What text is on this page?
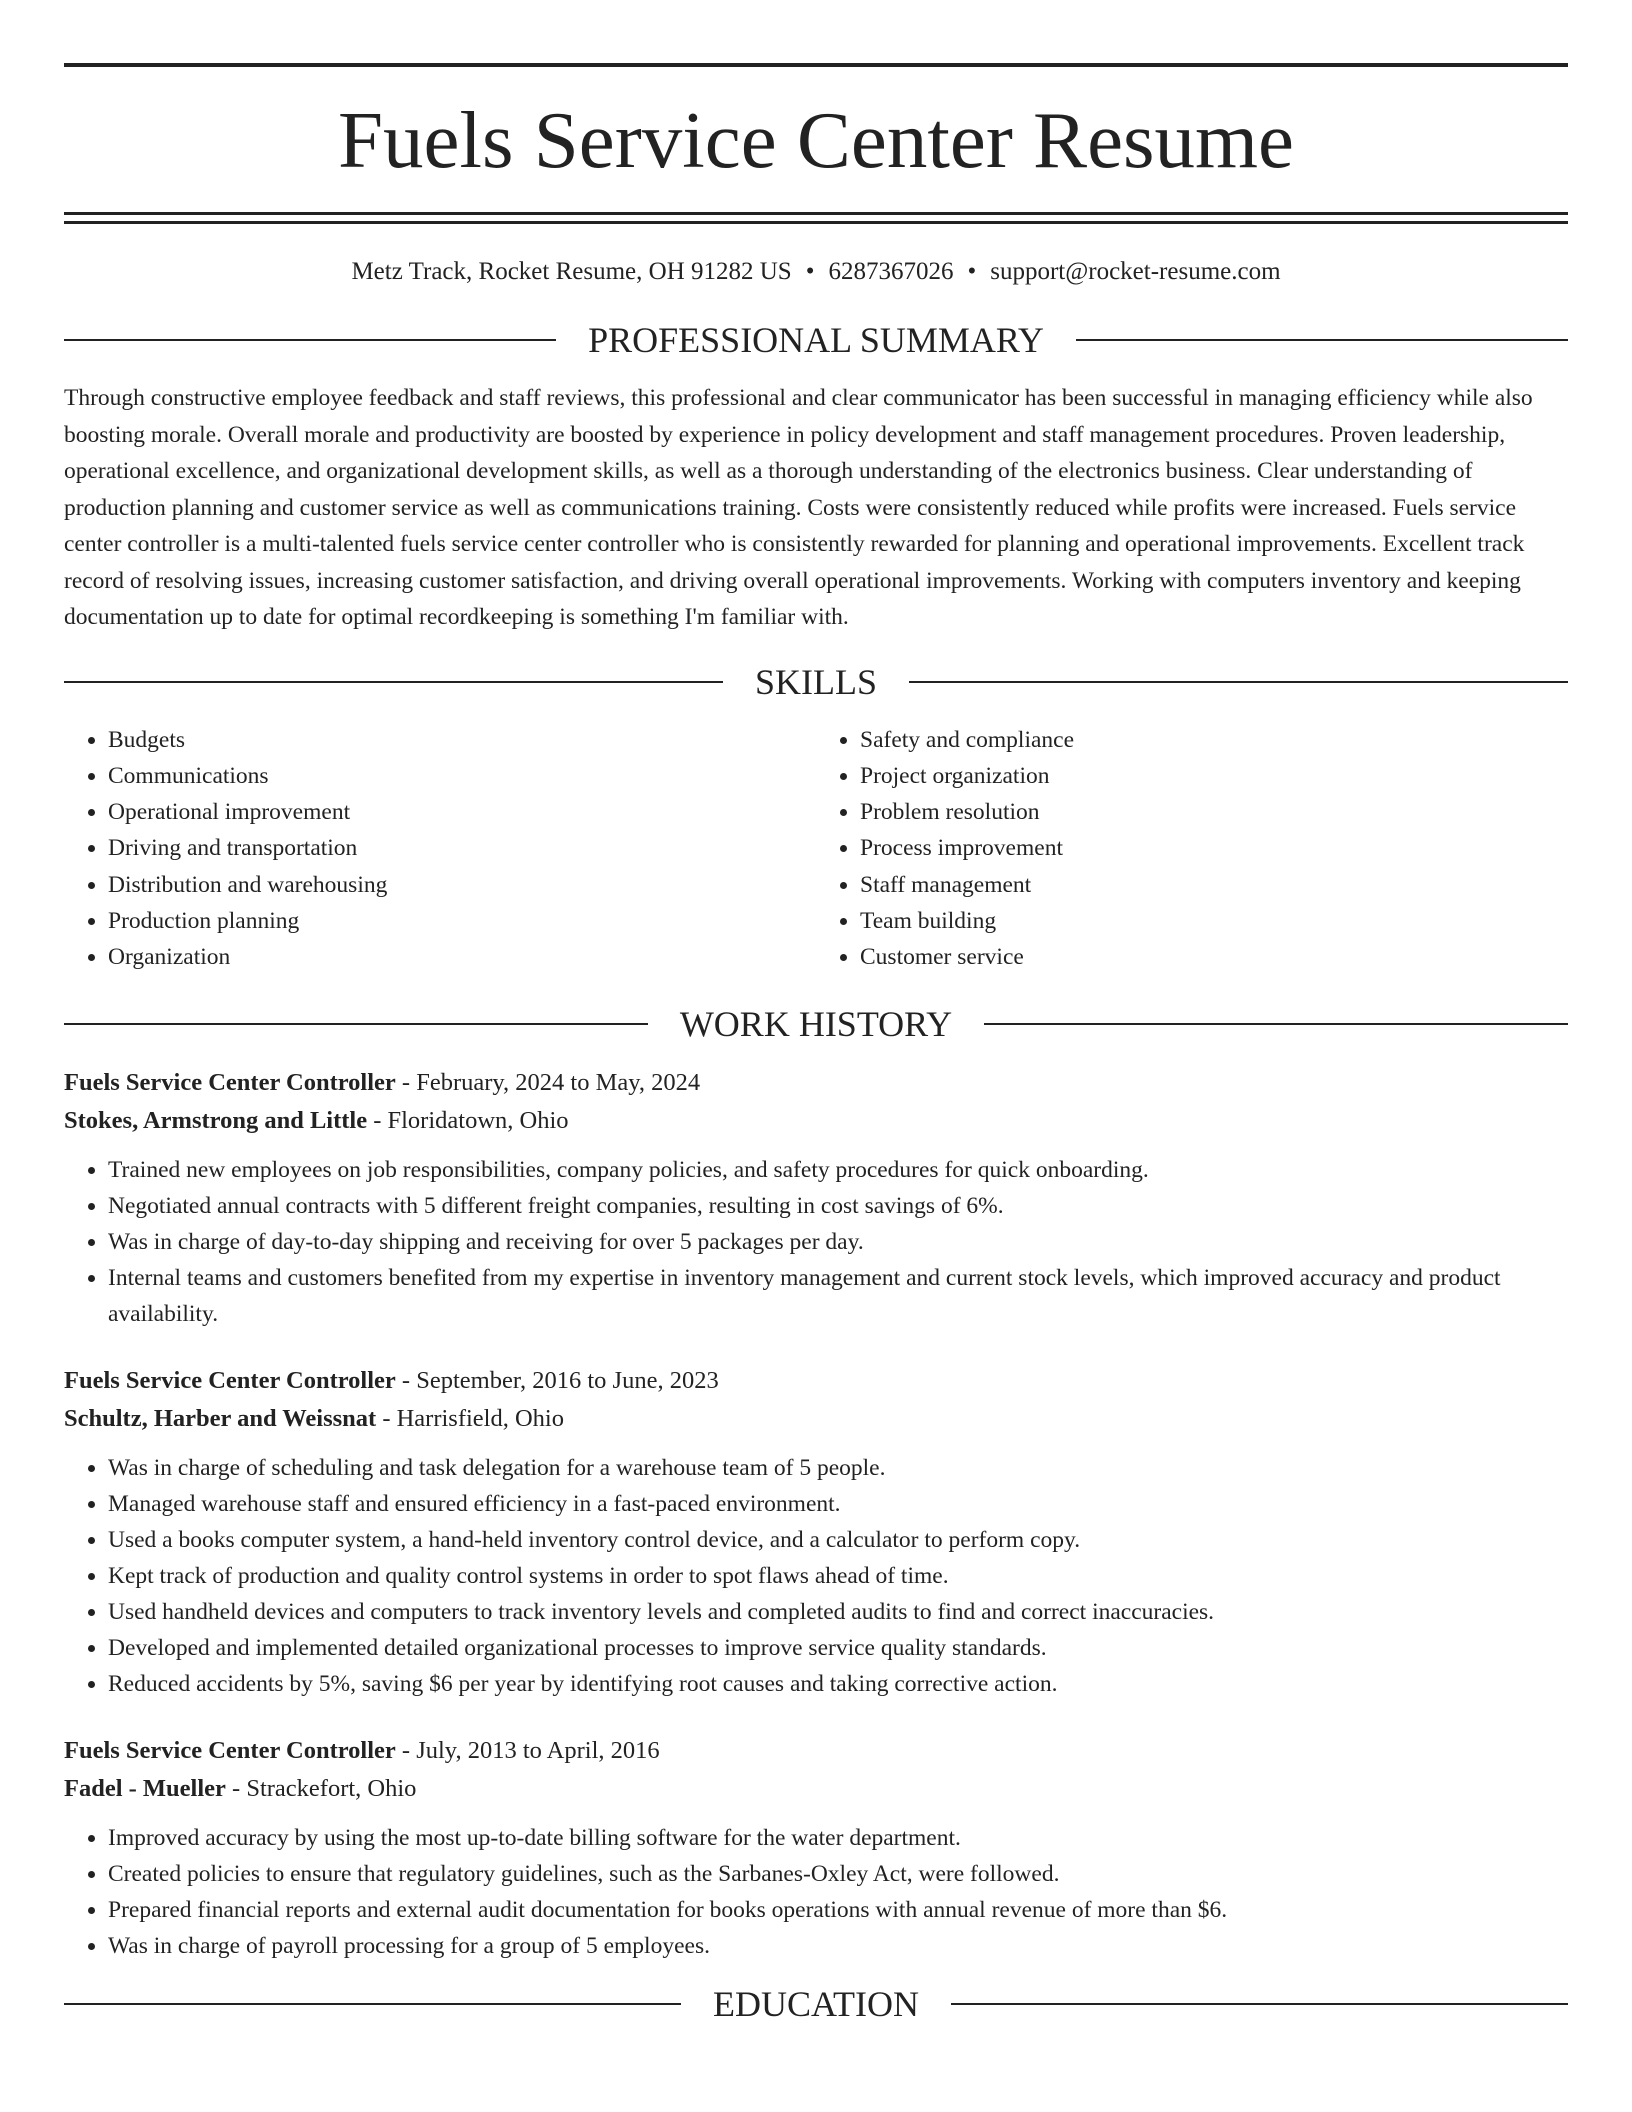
Fuels Service Center Resume
Metz Track, Rocket Resume, OH 91282 US • 6287367026 • support@rocket-resume.com
PROFESSIONAL SUMMARY

Through constructive employee feedback and staff reviews, this professional and clear communicator has been successful in managing efficiency while also boosting morale. Overall morale and productivity are boosted by experience in policy development and staff management procedures. Proven leadership, operational excellence, and organizational development skills, as well as a thorough understanding of the electronics business. Clear understanding of production planning and customer service as well as communications training. Costs were consistently reduced while profits were increased. Fuels service center controller is a multi-talented fuels service center controller who is consistently rewarded for planning and operational improvements. Excellent track record of resolving issues, increasing customer satisfaction, and driving overall operational improvements. Working with computers inventory and keeping documentation up to date for optimal recordkeeping is something I'm familiar with.

SKILLS
• Budgets
• Communications
• Operational improvement
• Driving and transportation
• Distribution and warehousing
• Production planning
• Organization
• Safety and compliance
• Project organization
• Problem resolution
• Process improvement
• Staff management
• Team building
• Customer service
WORK HISTORY
Fuels Service Center Controller - February, 2024 to May, 2024
Stokes, Armstrong and Little - Floridatown, Ohio
• Trained new employees on job responsibilities, company policies, and safety procedures for quick onboarding.
• Negotiated annual contracts with 5 different freight companies, resulting in cost savings of 6%.
• Was in charge of day-to-day shipping and receiving for over 5 packages per day.
• Internal teams and customers benefited from my expertise in inventory management and current stock levels, which improved accuracy and product availability.
Fuels Service Center Controller - September, 2016 to June, 2023
Schultz, Harber and Weissnat - Harrisfield, Ohio
• Was in charge of scheduling and task delegation for a warehouse team of 5 people.
• Managed warehouse staff and ensured efficiency in a fast-paced environment.
• Used a books computer system, a hand-held inventory control device, and a calculator to perform copy.
• Kept track of production and quality control systems in order to spot flaws ahead of time.
• Used handheld devices and computers to track inventory levels and completed audits to find and correct inaccuracies.
• Developed and implemented detailed organizational processes to improve service quality standards.
• Reduced accidents by 5%, saving $6 per year by identifying root causes and taking corrective action.
Fuels Service Center Controller - July, 2013 to April, 2016
Fadel - Mueller - Strackefort, Ohio
• Improved accuracy by using the most up-to-date billing software for the water department.
• Created policies to ensure that regulatory guidelines, such as the Sarbanes-Oxley Act, were followed.
• Prepared financial reports and external audit documentation for books operations with annual revenue of more than $6.
• Was in charge of payroll processing for a group of 5 employees.
EDUCATION
